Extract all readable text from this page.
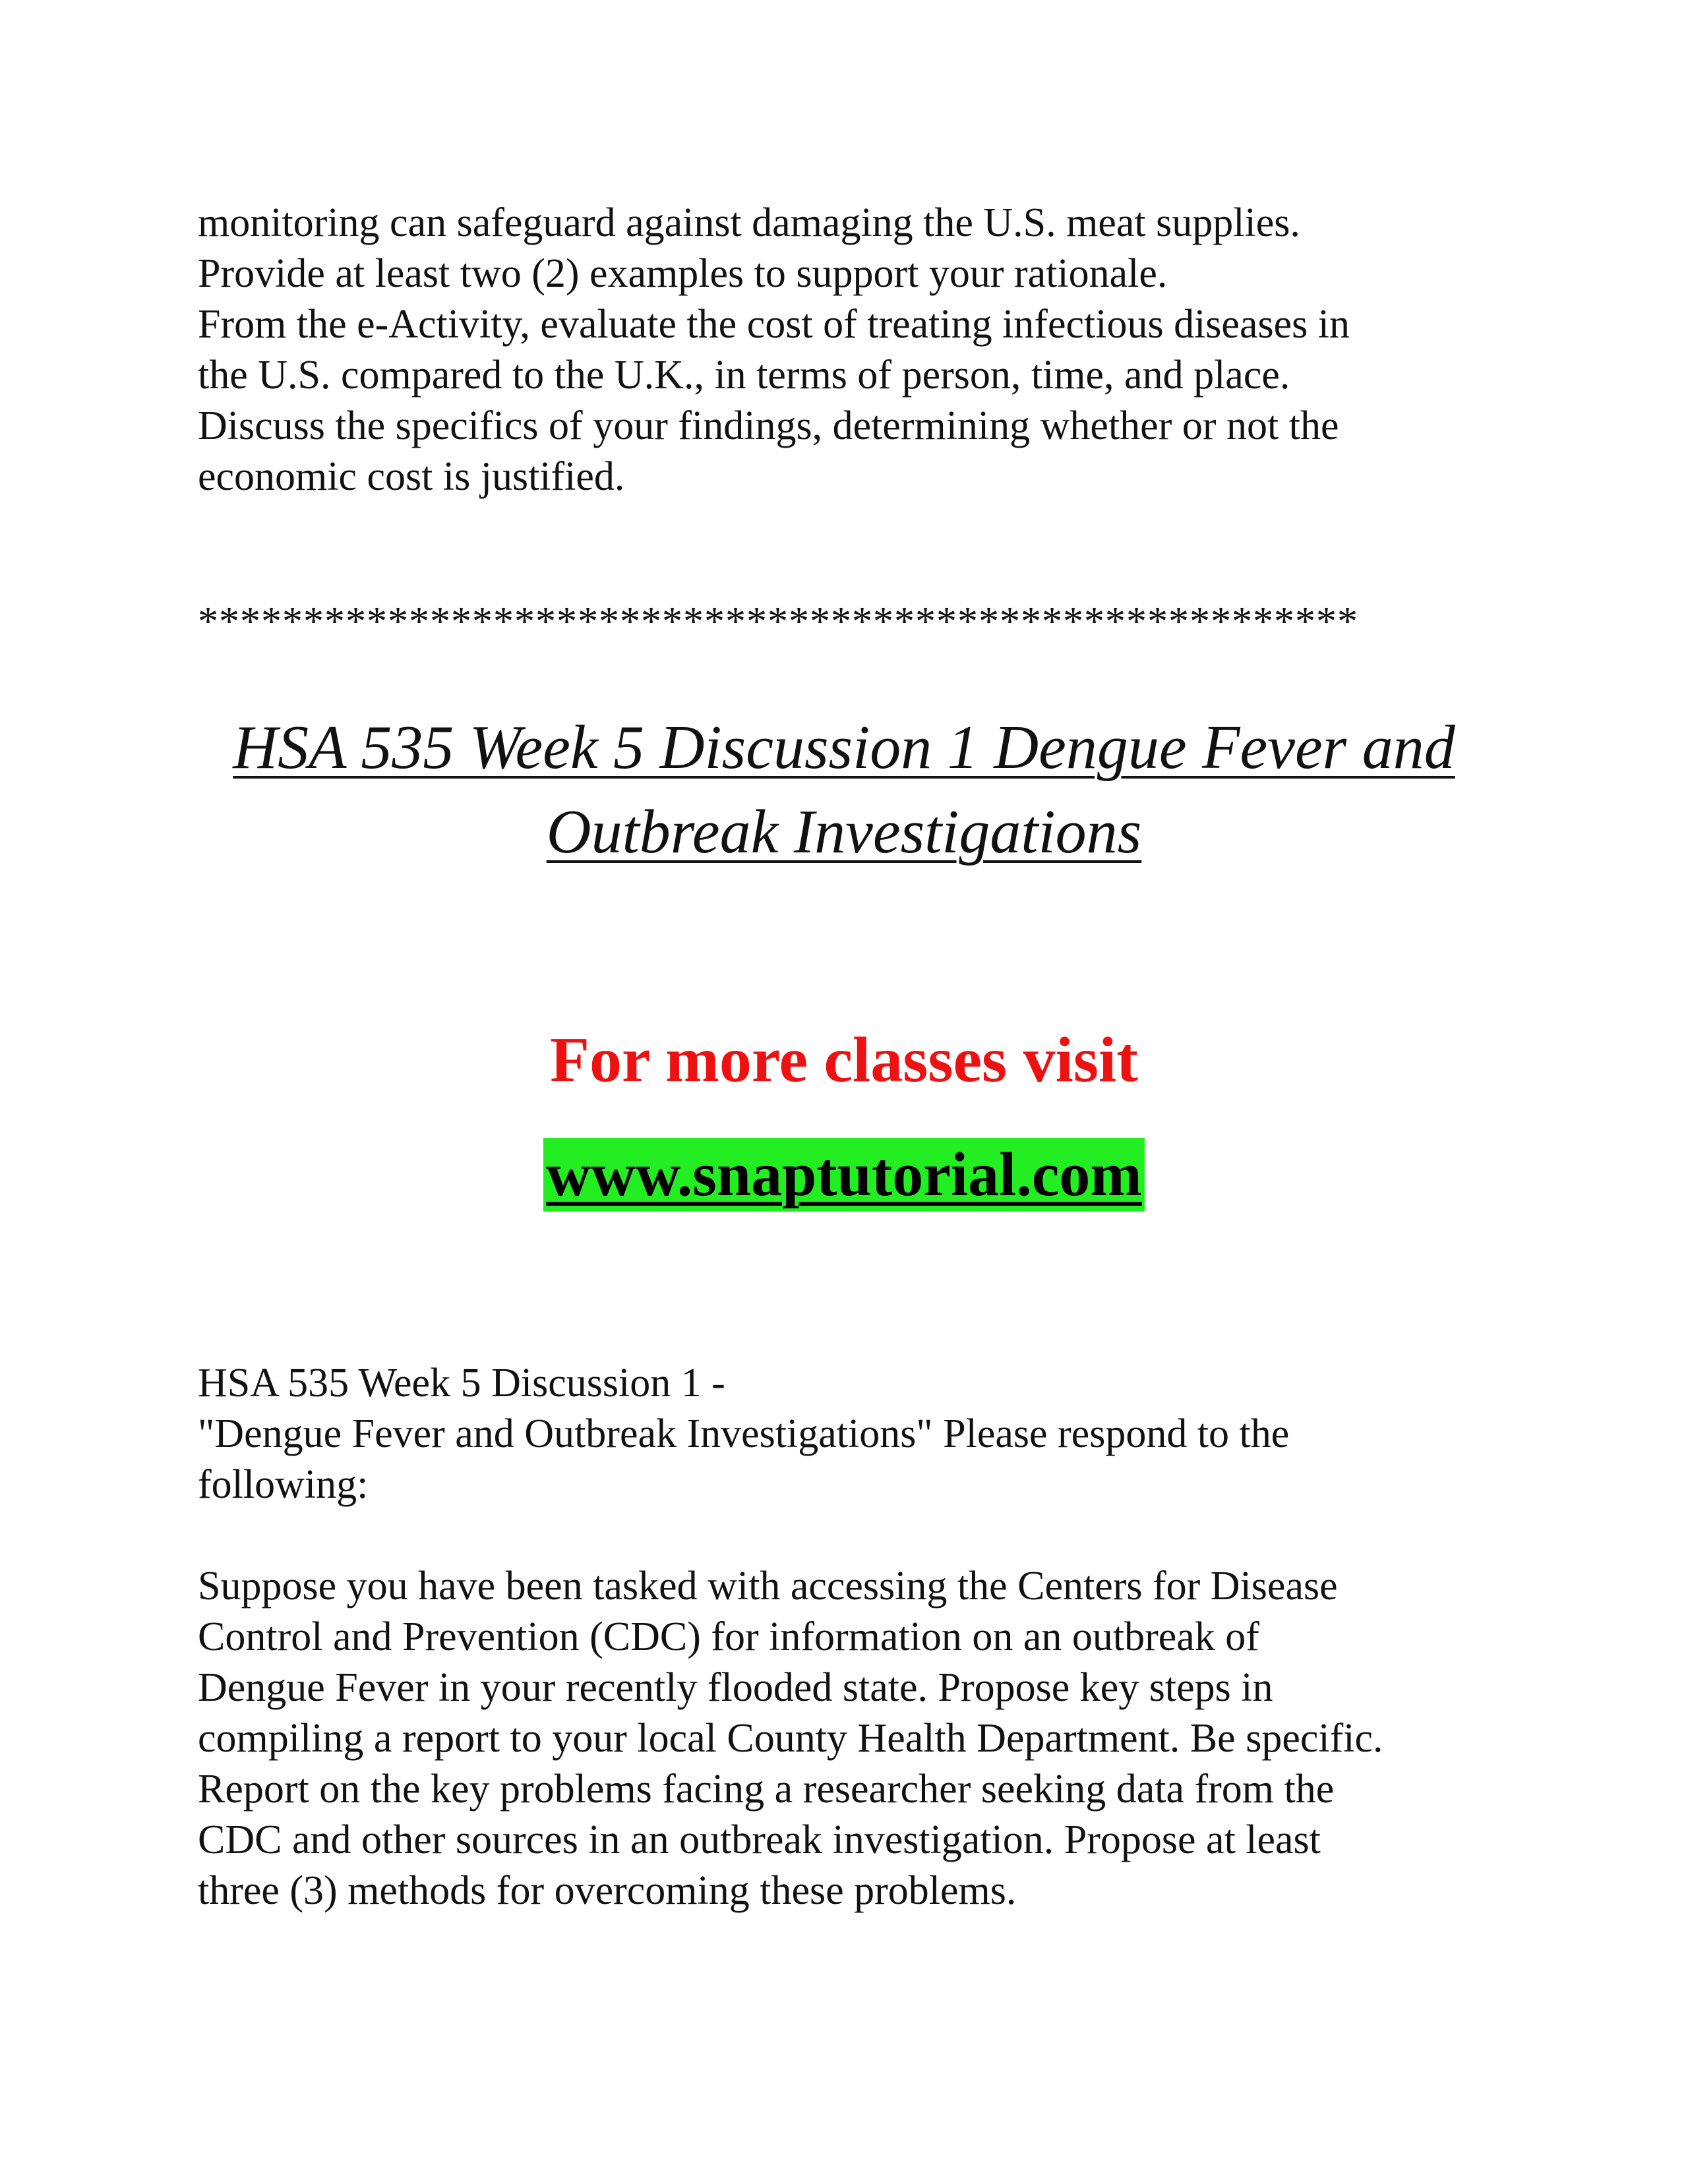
monitoring can safeguard against damaging the U.S. meat supplies.
Provide at least two (2) examples to support your rationale.
From the e-Activity, evaluate the cost of treating infectious diseases in
the U.S. compared to the U.K., in terms of person, time, and place.
Discuss the specifics of your findings, determining whether or not the
economic cost is justified.

*******************************************************

HSA 535 Week 5 Discussion 1 Dengue Fever and
Outbreak Investigations

For more classes visit

www.snaptutorial.com

HSA 535 Week 5 Discussion 1 -
"Dengue Fever and Outbreak Investigations" Please respond to the
following:

Suppose you have been tasked with accessing the Centers for Disease
Control and Prevention (CDC) for information on an outbreak of
Dengue Fever in your recently flooded state. Propose key steps in
compiling a report to your local County Health Department. Be specific.
Report on the key problems facing a researcher seeking data from the
CDC and other sources in an outbreak investigation. Propose at least
three (3) methods for overcoming these problems.
